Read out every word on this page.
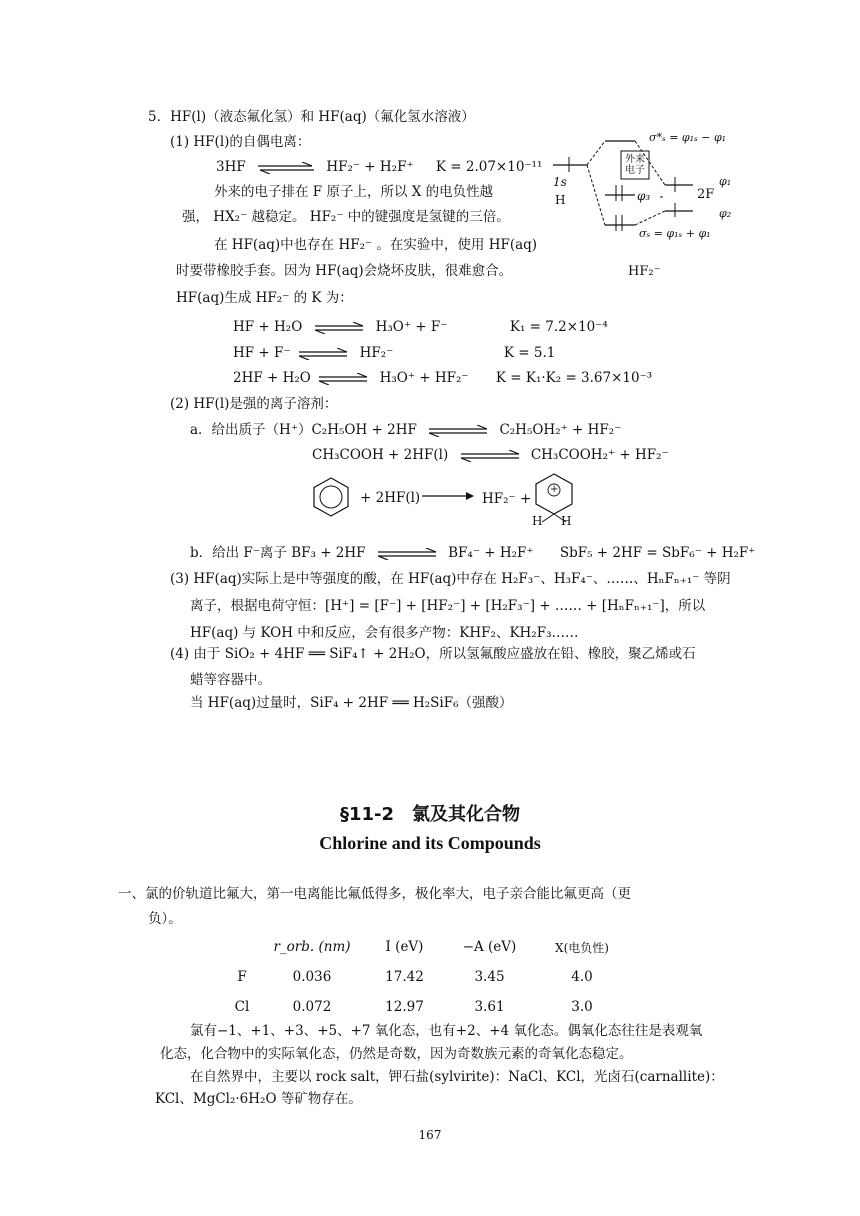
5．HF(l)（液态氟化氢）和 HF(aq)（氟化氢水溶液）
(1) HF(l)的自偶电离：
3HF	HF₂⁻ + H₂F⁺ K = 2.07×10⁻¹¹
外来的电子排在 F 原子上，所以 X 的电负性越
强， HX₂⁻ 越稳定。 HF₂⁻ 中的键强度是氢键的三倍。
在 HF(aq)中也存在 HF₂⁻ 。在实验中，使用 HF(aq)
时要带橡胶手套。因为 HF(aq)会烧坏皮肤，很难愈合。
HF(aq)生成 HF₂⁻ 的 K 为：
σ*ₛ = φ₁ₛ − φ₁
外来电子
1s
H	φ₃	2F
φ₁
φ₂
σₛ = φ₁ₛ + φ₁
HF₂⁻
HF + H₂O ⇌ H₃O⁺ + F⁻	K₁ = 7.2×10⁻⁴
HF + F⁻ ⇌ HF₂⁻	K = 5.1
2HF + H₂O ⇌ H₃O⁺ + HF₂⁻ K = K₁·K₂ = 3.67×10⁻³
(2) HF(l)是强的离子溶剂：
a．给出质子（H⁺）C₂H₅OH + 2HF	C₂H₅OH₂⁺ + HF₂⁻
CH₃COOH + 2HF(l)	CH₃COOH₂⁺ + HF₂⁻
+ 2HF(l)	HF₂⁻ +
+
H H
b．给出 F⁻离子 BF₃ + 2HF	BF₄⁻ + H₂F⁺ SbF₅ + 2HF = SbF₆⁻ + H₂F⁺
(3) HF(aq)实际上是中等强度的酸，在 HF(aq)中存在 H₂F₃⁻、H₃F₄⁻、……、HₙFₙ₊₁⁻ 等阴
离子，根据电荷守恒：[H⁺] = [F⁻] + [HF₂⁻] + [H₂F₃⁻] + …… + [HₙFₙ₊₁⁻]，所以
HF(aq) 与 KOH 中和反应，会有很多产物：KHF₂、KH₂F₃……
(4) 由于 SiO₂ + 4HF ══ SiF₄↑ + 2H₂O，所以氢氟酸应盛放在铅、橡胶，聚乙烯或石
蜡等容器中。
当 HF(aq)过量时，SiF₄ + 2HF ══ H₂SiF₆（强酸）
§11-2　氯及其化合物
Chlorine and its Compounds
一、氯的价轨道比氟大，第一电离能比氟低得多，极化率大，电子亲合能比氟更高（更
负）。
r_orb. (nm)	I (eV)	−A (eV)	X(电负性)
F	0.036	17.42	3.45	4.0
Cl	0.072	12.97	3.61	3.0
氯有−1、+1、+3、+5、+7 氧化态，也有+2、+4 氧化态。偶氧化态往往是表观氧
化态，化合物中的实际氧化态，仍然是奇数，因为奇数族元素的奇氧化态稳定。
在自然界中，主要以 rock salt，钾石盐(sylvirite)：NaCl、KCl，光卤石(carnallite)：
KCl、MgCl₂·6H₂O 等矿物存在。
167
